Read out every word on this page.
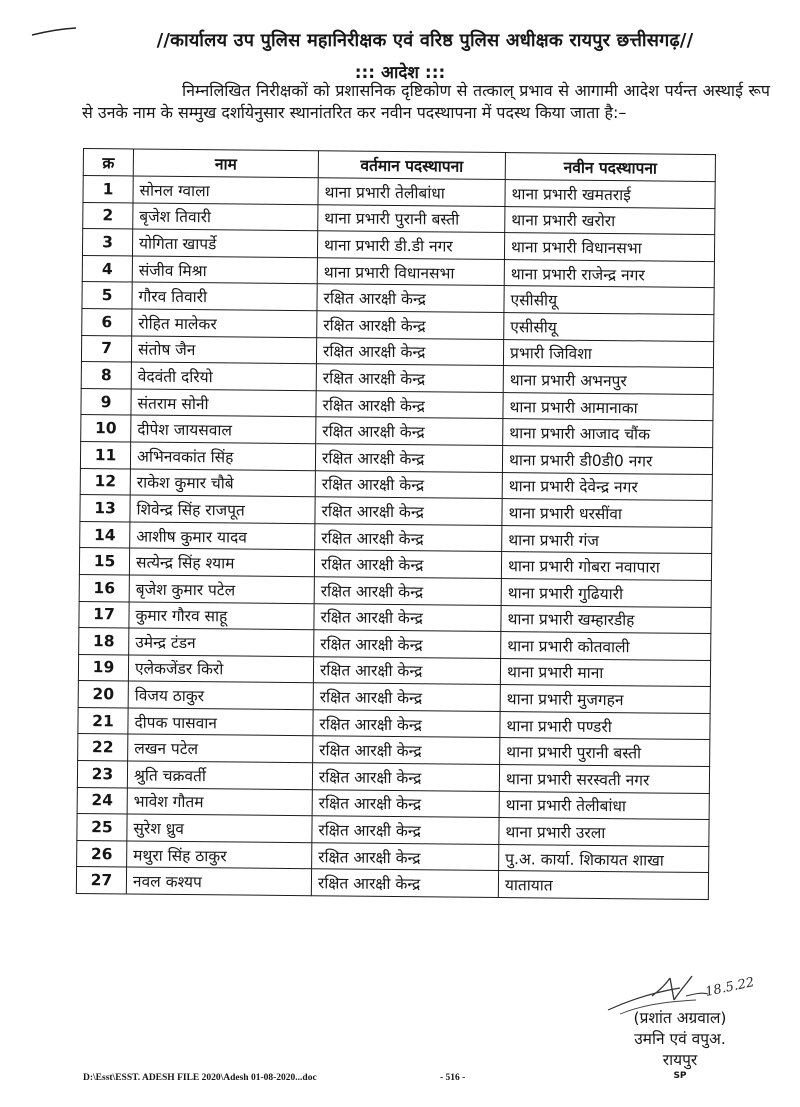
//कार्यालय उप पुलिस महानिरीक्षक एवं वरिष्ठ पुलिस अधीक्षक रायपुर छत्तीसगढ़//
::: आदेश :::
निम्नलिखित निरीक्षकों को प्रशासनिक दृष्टिकोण से तत्काल् प्रभाव से आगामी आदेश पर्यन्त अस्थाई रूप से उनके नाम के सम्मुख दर्शायेनुसार स्थानांतरित कर नवीन पदस्थापना में पदस्थ किया जाता है:–
क्र	नाम	वर्तमान पदस्थापना	नवीन पदस्थापना
1	सोनल ग्वाला	थाना प्रभारी तेलीबांधा	थाना प्रभारी खमतराई
2	बृजेश तिवारी	थाना प्रभारी पुरानी बस्ती	थाना प्रभारी खरोरा
3	योगिता खापर्डे	थाना प्रभारी डी.डी नगर	थाना प्रभारी विधानसभा
4	संजीव मिश्रा	थाना प्रभारी विधानसभा	थाना प्रभारी राजेन्द्र नगर
5	गौरव तिवारी	रक्षित आरक्षी केन्द्र	एसीसीयू
6	रोहित मालेकर	रक्षित आरक्षी केन्द्र	एसीसीयू
7	संतोष जैन	रक्षित आरक्षी केन्द्र	प्रभारी जिविशा
8	वेदवंती दरियो	रक्षित आरक्षी केन्द्र	थाना प्रभारी अभनपुर
9	संतराम सोनी	रक्षित आरक्षी केन्द्र	थाना प्रभारी आमानाका
10	दीपेश जायसवाल	रक्षित आरक्षी केन्द्र	थाना प्रभारी आजाद चौंक
11	अभिनवकांत सिंह	रक्षित आरक्षी केन्द्र	थाना प्रभारी डी0डी0 नगर
12	राकेश कुमार चौबे	रक्षित आरक्षी केन्द्र	थाना प्रभारी देवेन्द्र नगर
13	शिवेन्द्र सिंह राजपूत	रक्षित आरक्षी केन्द्र	थाना प्रभारी धरसींवा
14	आशीष कुमार यादव	रक्षित आरक्षी केन्द्र	थाना प्रभारी गंज
15	सत्येन्द्र सिंह श्याम	रक्षित आरक्षी केन्द्र	थाना प्रभारी गोबरा नवापारा
16	बृजेश कुमार पटेल	रक्षित आरक्षी केन्द्र	थाना प्रभारी गुढियारी
17	कुमार गौरव साहू	रक्षित आरक्षी केन्द्र	थाना प्रभारी खम्हारडीह
18	उमेन्द्र टंडन	रक्षित आरक्षी केन्द्र	थाना प्रभारी कोतवाली
19	एलेकजेंडर किरो	रक्षित आरक्षी केन्द्र	थाना प्रभारी माना
20	विजय ठाकुर	रक्षित आरक्षी केन्द्र	थाना प्रभारी मुजगहन
21	दीपक पासवान	रक्षित आरक्षी केन्द्र	थाना प्रभारी पण्डरी
22	लखन पटेल	रक्षित आरक्षी केन्द्र	थाना प्रभारी पुरानी बस्ती
23	श्रुति चक्रवर्ती	रक्षित आरक्षी केन्द्र	थाना प्रभारी सरस्वती नगर
24	भावेश गौतम	रक्षित आरक्षी केन्द्र	थाना प्रभारी तेलीबांधा
25	सुरेश ध्रुव	रक्षित आरक्षी केन्द्र	थाना प्रभारी उरला
26	मथुरा सिंह ठाकुर	रक्षित आरक्षी केन्द्र	पु.अ. कार्या. शिकायत शाखा
27	नवल कश्यप	रक्षित आरक्षी केन्द्र	यातायात
18.5.22
(प्रशांत अग्रवाल)
उमनि एवं वपुअ.
रायपुर
SP
D:\Esst\ESST. ADESH FILE 2020\Adesh 01-08-2020...doc	- 516 -
